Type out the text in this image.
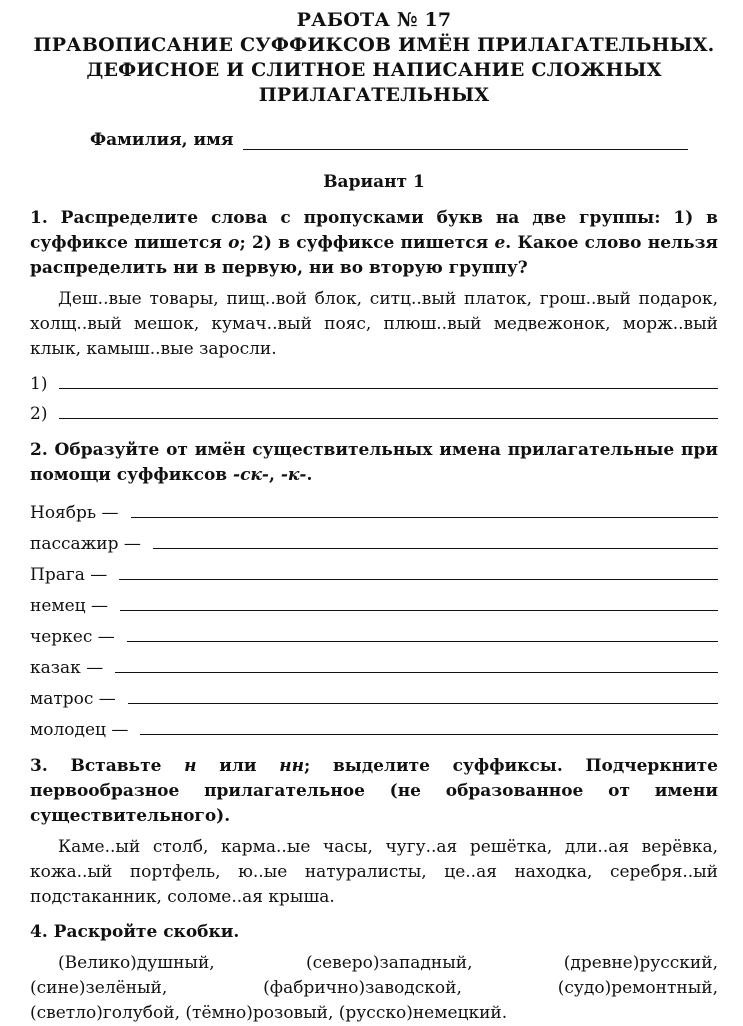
РАБОТА № 17
ПРАВОПИСАНИЕ СУФФИКСОВ ИМЁН ПРИЛАГАТЕЛЬНЫХ.
ДЕФИСНОЕ И СЛИТНОЕ НАПИСАНИЕ СЛОЖНЫХ
ПРИЛАГАТЕЛЬНЫХ
Фамилия, имя
Вариант 1
1. Распределите слова с пропусками букв на две группы: 1) в суффиксе пишется о; 2) в суффиксе пишется е. Какое слово нельзя распределить ни в первую, ни во вторую группу?
Деш..вые товары, пищ..вой блок, ситц..вый платок, грош..вый подарок, холщ..вый мешок, кумач..вый пояс, плюш..вый медвежонок, морж..вый клык, камыш..вые заросли.
1)
2)
2. Образуйте от имён существительных имена прилагательные при помощи суффиксов -ск-, -к-.
Ноябрь —
пассажир —
Прага —
немец —
черкес —
казак —
матрос —
молодец —
3. Вставьте н или нн; выделите суффиксы. Подчеркните первообразное прилагательное (не образованное от имени существительного).
Каме..ый столб, карма..ые часы, чугу..ая решётка, дли..ая верёвка, кожа..ый портфель, ю..ые натуралисты, це..ая находка, серебря..ый подстаканник, соломе..ая крыша.
4. Раскройте скобки.
(Велико)душный,	(северо)западный,	(древне)русский,
(сине)зелёный,	(фабрично)заводской,	(судо)ремонтный,
(светло)голубой, (тёмно)розовый, (русско)немецкий.
